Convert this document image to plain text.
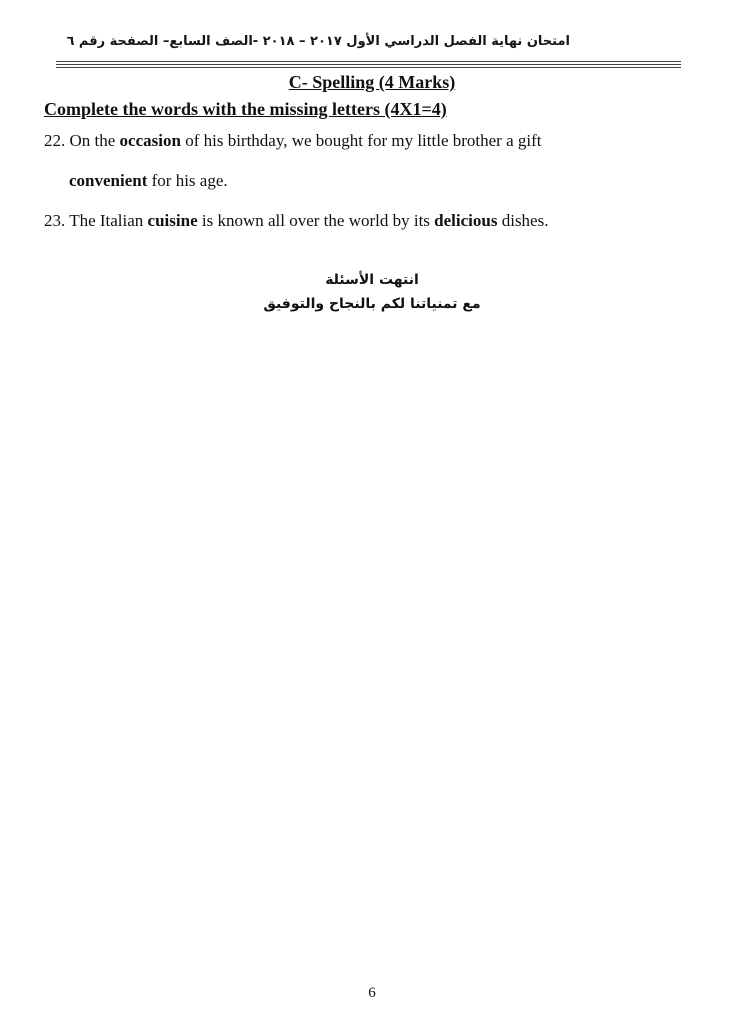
امتحان نهاية الفصل الدراسي الأول ٢٠١٧ – ٢٠١٨ -الصف السابع– الصفحة رقم ٦
C- Spelling (4 Marks)
Complete the words with the missing letters (4X1=4)
22. On the occasion of his birthday, we bought for my little brother a gift
convenient for his age.
23. The Italian cuisine is known all over the world by its delicious dishes.
انتهت الأسئلة
مع تمنياتنا لكم بالنجاح والتوفيق
6
